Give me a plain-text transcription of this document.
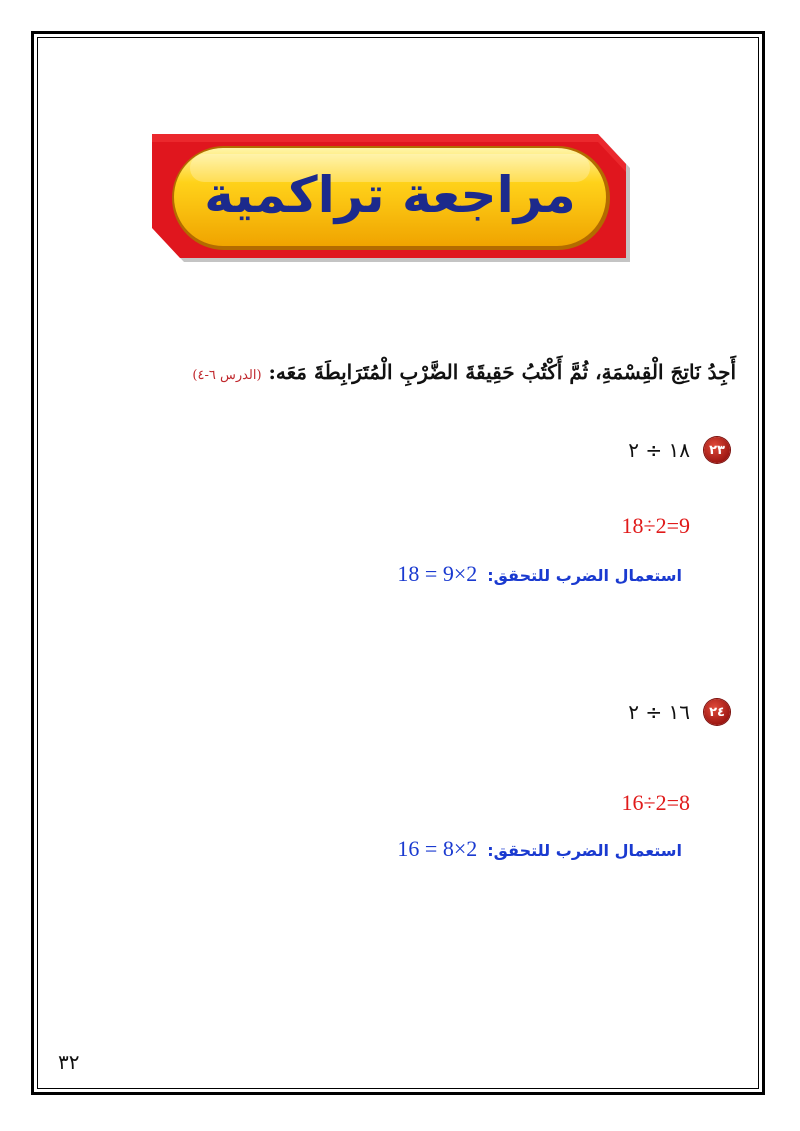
مراجعة تراكمية
أَجِدُ نَاتِجَ الْقِسْمَةِ، ثُمَّ أَكْتُبُ حَقِيقَةَ الضَّرْبِ الْمُتَرَابِطَةَ مَعَه: (الدرس ٦-٤)
٢٣
١٨ ÷ ٢
18÷2=9
استعمال الضرب للتحقق:
18 = 9×2
٢٤
١٦ ÷ ٢
16÷2=8
استعمال الضرب للتحقق:
16 = 8×2
٣٢
